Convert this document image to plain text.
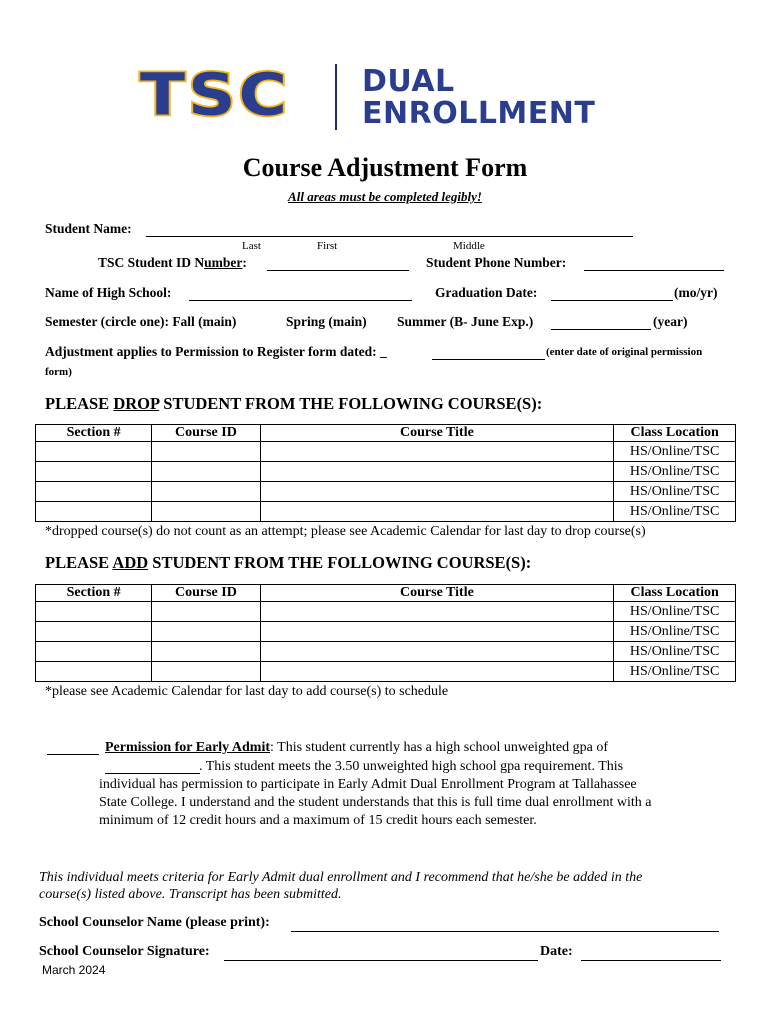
TSC DUAL
ENROLLMENT
Course Adjustment Form
All areas must be completed legibly!
Student Name:
Last	First	Middle
TSC Student ID Number:	Student Phone Number:
Name of High School:	Graduation Date:	(mo/yr)
Semester (circle one): Fall (main)	Spring (main) Summer (B- June Exp.)	(year)
Adjustment applies to Permission to Register form dated: _	(enter date of original permission
form)
PLEASE DROP STUDENT FROM THE FOLLOWING COURSE(S):
Section #	Course ID	Course Title	Class Location
			HS/Online/TSC
			HS/Online/TSC
			HS/Online/TSC
			HS/Online/TSC
*dropped course(s) do not count as an attempt; please see Academic Calendar for last day to drop course(s)
PLEASE ADD STUDENT FROM THE FOLLOWING COURSE(S):
Section #	Course ID	Course Title	Class Location
			HS/Online/TSC
			HS/Online/TSC
			HS/Online/TSC
			HS/Online/TSC
*please see Academic Calendar for last day to add course(s) to schedule
Permission for Early Admit: This student currently has a high school unweighted gpa of
. This student meets the 3.50 unweighted high school gpa requirement. This
individual has permission to participate in Early Admit Dual Enrollment Program at Tallahassee
State College. I understand and the student understands that this is full time dual enrollment with a
minimum of 12 credit hours and a maximum of 15 credit hours each semester.
This individual meets criteria for Early Admit dual enrollment and I recommend that he/she be added in the
course(s) listed above. Transcript has been submitted.
School Counselor Name (please print):
School Counselor Signature:	Date:
March 2024
